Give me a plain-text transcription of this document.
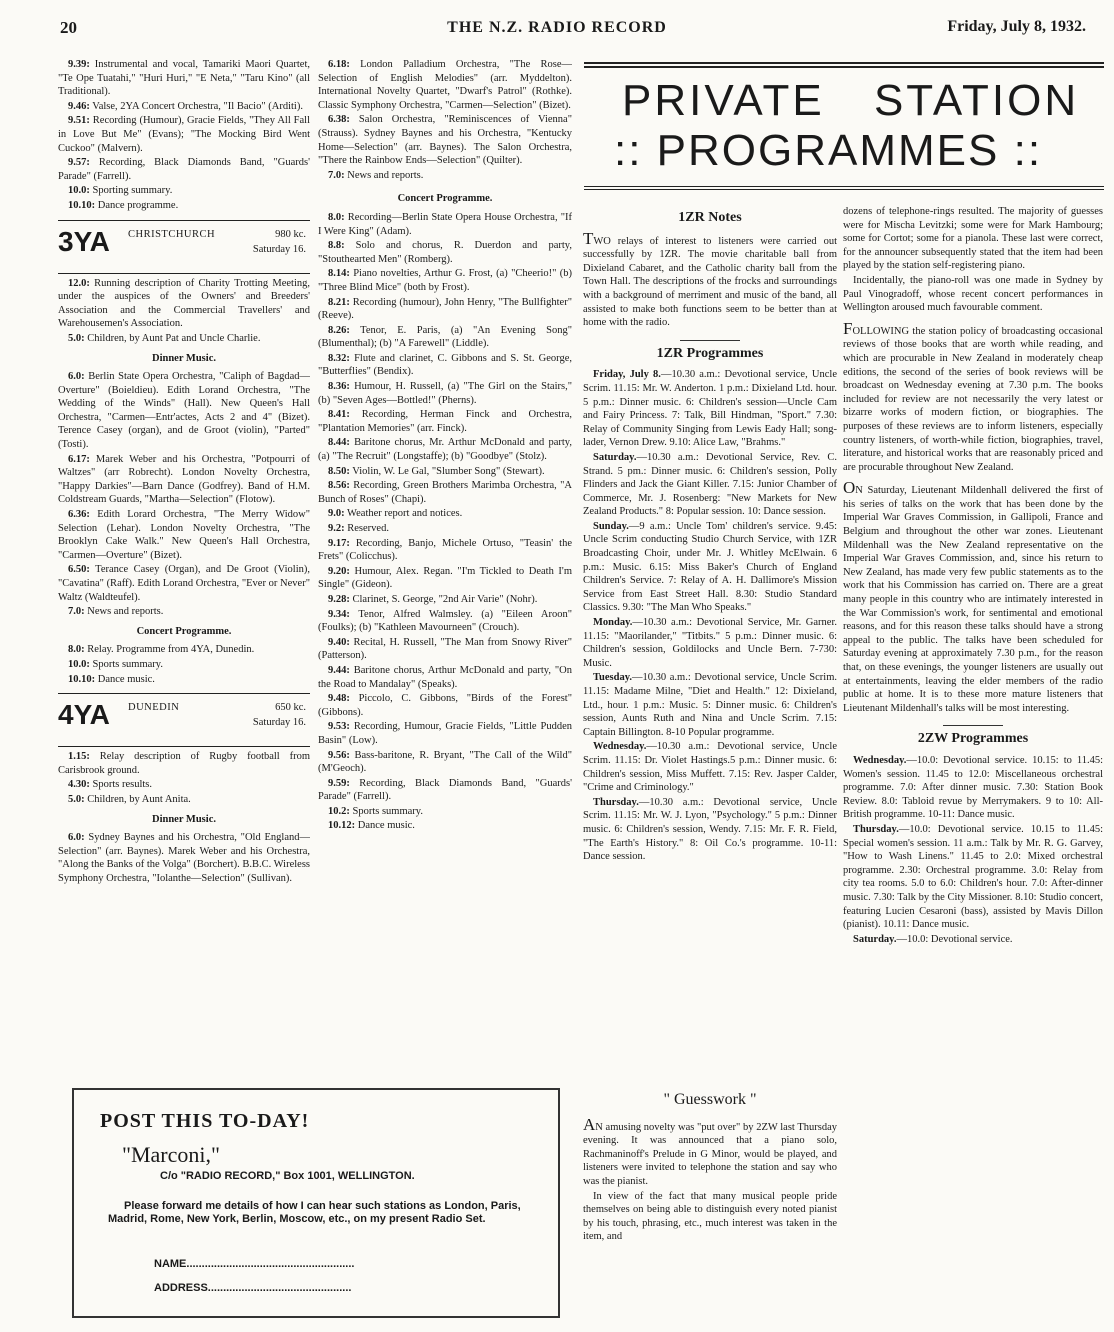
20	THE N.Z. RADIO RECORD	Friday, July 8, 1932.

9.39: Instrumental and vocal, Tamariki Maori Quartet, "Te Ope Tuatahi," "Huri Huri," "E Neta," "Taru Kino" (all Traditional).

9.46: Valse, 2YA Concert Orchestra, "Il Bacio" (Arditi).

9.51: Recording (Humour), Gracie Fields, "They All Fall in Love But Me" (Evans); "The Mocking Bird Went Cuckoo" (Malvern).

9.57: Recording, Black Diamonds Band, "Guards' Parade" (Farrell).

10.0: Sporting summary.

10.10: Dance programme.

3YA CHRISTCHURCH	980 kc.
Saturday 16.

12.0: Running description of Charity Trotting Meeting, under the auspices of the Owners' and Breeders' Association and the Commercial Travellers' and Warehousemen's Association.

5.0: Children, by Aunt Pat and Uncle Charlie.

Dinner Music.

6.0: Berlin State Opera Orchestra, "Caliph of Bagdad—Overture" (Boieldieu). Edith Lorand Orchestra, "The Wedding of the Winds" (Hall). New Queen's Hall Orchestra, "Carmen—Entr'actes, Acts 2 and 4" (Bizet). Terence Casey (organ), and de Groot (violin), "Parted" (Tosti).

6.17: Marek Weber and his Orchestra, "Potpourri of Waltzes" (arr Robrecht). London Novelty Orchestra, "Happy Darkies"—Barn Dance (Godfrey). Band of H.M. Coldstream Guards, "Martha—Selection" (Flotow).

6.36: Edith Lorard Orchestra, "The Merry Widow" Selection (Lehar). London Novelty Orchestra, "The Brooklyn Cake Walk." New Queen's Hall Orchestra, "Carmen—Overture" (Bizet).

6.50: Terance Casey (Organ), and De Groot (Violin), "Cavatina" (Raff). Edith Lorand Orchestra, "Ever or Never" Waltz (Waldteufel).

7.0: News and reports.

Concert Programme.

8.0: Relay. Programme from 4YA, Dunedin.

10.0: Sports summary.

10.10: Dance music.

4YA DUNEDIN	650 kc.
Saturday 16.

1.15: Relay description of Rugby football from Carisbrook ground.

4.30: Sports results.

5.0: Children, by Aunt Anita.

Dinner Music.

6.0: Sydney Baynes and his Orchestra, "Old England—Selection" (arr. Baynes). Marek Weber and his Orchestra, "Along the Banks of the Volga" (Borchert). B.B.C. Wireless Symphony Orchestra, "Iolanthe—Selection" (Sullivan).

6.18: London Palladium Orchestra, "The Rose—Selection of English Melodies" (arr. Myddelton). International Novelty Quartet, "Dwarf's Patrol" (Rothke). Classic Symphony Orchestra, "Carmen—Selection" (Bizet).

6.38: Salon Orchestra, "Reminiscences of Vienna" (Strauss). Sydney Baynes and his Orchestra, "Kentucky Home—Selection" (arr. Baynes). The Salon Orchestra, "There the Rainbow Ends—Selection" (Quilter).

7.0: News and reports.

Concert Programme.

8.0: Recording—Berlin State Opera House Orchestra, "If I Were King" (Adam).

8.8: Solo and chorus, R. Duerdon and party, "Stouthearted Men" (Romberg).

8.14: Piano novelties, Arthur G. Frost, (a) "Cheerio!" (b) "Three Blind Mice" (both by Frost).

8.21: Recording (humour), John Henry, "The Bullfighter" (Reeve).

8.26: Tenor, E. Paris, (a) "An Evening Song" (Blumenthal); (b) "A Farewell" (Liddle).

8.32: Flute and clarinet, C. Gibbons and S. St. George, "Butterflies" (Bendix).

8.36: Humour, H. Russell, (a) "The Girl on the Stairs," (b) "Seven Ages—Bottled!" (Pherns).

8.41: Recording, Herman Finck and Orchestra, "Plantation Memories" (arr. Finck).

8.44: Baritone chorus, Mr. Arthur McDonald and party, (a) "The Recruit" (Longstaffe); (b) "Goodbye" (Stolz).

8.50: Violin, W. Le Gal, "Slumber Song" (Stewart).

8.56: Recording, Green Brothers Marimba Orchestra, "A Bunch of Roses" (Chapi).

9.0: Weather report and notices.

9.2: Reserved.

9.17: Recording, Banjo, Michele Ortuso, "Teasin' the Frets" (Colicchus).

9.20: Humour, Alex. Regan. "I'm Tickled to Death I'm Single" (Gideon).

9.28: Clarinet, S. George, "2nd Air Varie" (Nohr).

9.34: Tenor, Alfred Walmsley. (a) "Eileen Aroon" (Foulks); (b) "Kathleen Mavourneen" (Crouch).

9.40: Recital, H. Russell, "The Man from Snowy River" (Patterson).

9.44: Baritone chorus, Arthur McDonald and party, "On the Road to Mandalay" (Speaks).

9.48: Piccolo, C. Gibbons, "Birds of the Forest" (Gibbons).

9.53: Recording, Humour, Gracie Fields, "Little Pudden Basin" (Low).

9.56: Bass-baritone, R. Bryant, "The Call of the Wild" (M'Geoch).

9.59: Recording, Black Diamonds Band, "Guards' Parade" (Farrell).

10.2: Sports summary.

10.12: Dance music.

POST THIS TO-DAY!
"Marconi,"
C/o "RADIO RECORD," Box 1001, WELLINGTON.
Please forward me details of how I can hear such stations as London, Paris, Madrid, Rome, New York, Berlin, Moscow, etc., on my present Radio Set.
NAME.......................................................
ADDRESS...............................................
PRIVATE STATION
:: PROGRAMMES ::
1ZR Notes

TWO relays of interest to listeners were carried out successfully by 1ZR. The movie charitable ball from Dixieland Cabaret, and the Catholic charity ball from the Town Hall. The descriptions of the frocks and surroundings with a background of merriment and music of the band, all assisted to make both functions seem to be better than at home with the radio.

1ZR Programmes

Friday, July 8.—10.30 a.m.: Devotional service, Uncle Scrim. 11.15: Mr. W. Anderton. 1 p.m.: Dixieland Ltd. hour. 5 p.m.: Dinner music. 6: Children's session—Uncle Cam and Fairy Princess. 7: Talk, Bill Hindman, "Sport." 7.30: Relay of Community Singing from Lewis Eady Hall; song-lader, Vernon Drew. 9.10: Alice Law, "Brahms."

Saturday.—10.30 a.m.: Devotional Service, Rev. C. Strand. 5 pm.: Dinner music. 6: Children's session, Polly Flinders and Jack the Giant Killer. 7.15: Junior Chamber of Commerce, Mr. J. Rosenberg: "New Markets for New Zealand Products." 8: Popular session. 10: Dance session.

Sunday.—9 a.m.: Uncle Tom' children's service. 9.45: Uncle Scrim conducting Studio Church Service, with 1ZR Broadcasting Choir, under Mr. J. Whitley McElwain. 6 p.m.: Music. 6.15: Miss Baker's Church of England Children's Service. 7: Relay of A. H. Dallimore's Mission Service from East Street Hall. 8.30: Studio Standard Classics. 9.30: "The Man Who Speaks."

Monday.—10.30 a.m.: Devotional Service, Mr. Garner. 11.15: "Maorilander," "Titbits." 5 p.m.: Dinner music. 6: Children's session, Goldilocks and Uncle Bern. 7-730: Music.

Tuesday.—10.30 a.m.: Devotional service, Uncle Scrim. 11.15: Madame Milne, "Diet and Health." 12: Dixieland, Ltd., hour. 1 p.m.: Music. 5: Dinner music. 6: Children's session, Aunts Ruth and Nina and Uncle Scrim. 7.15: Captain Billington. 8-10 Popular programme.

Wednesday.—10.30 a.m.: Devotional service, Uncle Scrim. 11.15: Dr. Violet Hastings.5 p.m.: Dinner music. 6: Children's session, Miss Muffett. 7.15: Rev. Jasper Calder, "Crime and Criminology."

Thursday.—10.30 a.m.: Devotional service, Uncle Scrim. 11.15: Mr. W. J. Lyon, "Psychology." 5 p.m.: Dinner music. 6: Children's session, Wendy. 7.15: Mr. F. R. Field, "The Earth's History." 8: Oil Co.'s programme. 10-11: Dance session.

" Guesswork "

AN amusing novelty was "put over" by 2ZW last Thursday evening. It was announced that a piano solo, Rachmaninoff's Prelude in G Minor, would be played, and listeners were invited to telephone the station and say who was the pianist.

In view of the fact that many musical people pride themselves on being able to distinguish every noted pianist by his touch, phrasing, etc., much interest was taken in the item, and

dozens of telephone-rings resulted. The majority of guesses were for Mischa Levitzki; some were for Mark Hambourg; some for Cortot; some for a pianola. These last were correct, for the announcer subsequently stated that the item had been played by the station self-registering piano.

Incidentally, the piano-roll was one made in Sydney by Paul Vinogradoff, whose recent concert performances in Wellington aroused much favourable comment.

FOLLOWING the station policy of broadcasting occasional reviews of those books that are worth while reading, and which are procurable in New Zealand in moderately cheap editions, the second of the series of book reviews will be broadcast on Wednesday evening at 7.30 p.m. The books included for review are not necessarily the very latest or bizarre works of modern fiction, or biographies. The purposes of these reviews are to inform listeners, especially country listeners, of worth-while fiction, biographies, travel, literature, and historical works that are reasonably priced and are procurable throughout New Zealand.

ON Saturday, Lieutenant Mildenhall delivered the first of his series of talks on the work that has been done by the Imperial War Graves Commission, in Gallipoli, France and Belgium and throughout the other war zones. Lieutenant Mildenhall was the New Zealand representative on the Imperial War Graves Commission, and, since his return to New Zealand, has made very few public statements as to the work that his Commission has carried on. There are a great many people in this country who are intimately interested in the War Commission's work, for sentimental and emotional reasons, and for this reason these talks should have a strong appeal to the public. The talks have been scheduled for Saturday evening at approximately 7.30 p.m., for the reason that, on these evenings, the younger listeners are usually out at entertainments, leaving the elder members of the radio public at home. It is to these more mature listeners that Lieutenant Mildenhall's talks will be most interesting.

2ZW Programmes

Wednesday.—10.0: Devotional service. 10.15: to 11.45: Women's session. 11.45 to 12.0: Miscellaneous orchestral programme. 7.0: After dinner music. 7.30: Station Book Review. 8.0: Tabloid revue by Merrymakers. 9 to 10: All-British programme. 10-11: Dance music.

Thursday.—10.0: Devotional service. 10.15 to 11.45: Special women's session. 11 a.m.: Talk by Mr. R. G. Garvey, "How to Wash Linens." 11.45 to 2.0: Mixed orchestral programme. 2.30: Orchestral programme. 3.0: Relay from city tea rooms. 5.0 to 6.0: Children's hour. 7.0: After-dinner music. 7.30: Talk by the City Missioner. 8.10: Studio concert, featuring Lucien Cesaroni (bass), assisted by Mavis Dillon (pianist). 10.11: Dance music.

Saturday.—10.0: Devotional service.
